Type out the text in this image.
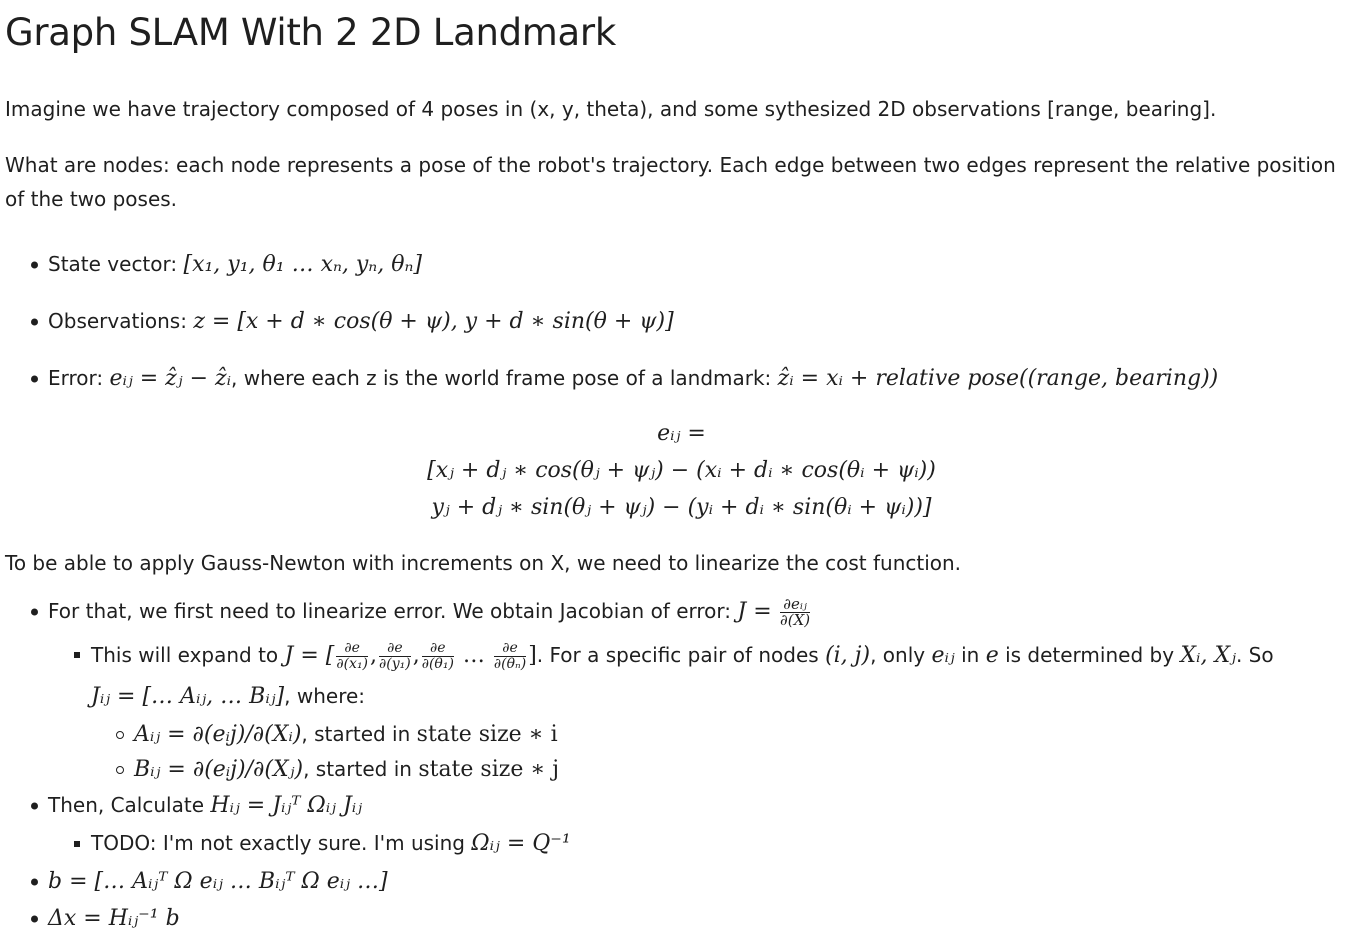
Graph SLAM With 2 2D Landmark

Imagine we have trajectory composed of 4 poses in (x, y, theta), and some sythesized 2D observations [range, bearing].

What are nodes: each node represents a pose of the robot's trajectory. Each edge between two edges represent the relative position of the two poses.

State vector: [x₁, y₁, θ₁ … xₙ, yₙ, θₙ]
Observations: z = [x + d ∗ cos(θ + ψ), y + d ∗ sin(θ + ψ)]
Error: eᵢⱼ = ẑⱼ − ẑᵢ, where each z is the world frame pose of a landmark: ẑᵢ = xᵢ + relative pose((range, bearing))
eᵢⱼ =
[xⱼ + dⱼ ∗ cos(θⱼ + ψⱼ) − (xᵢ + dᵢ ∗ cos(θᵢ + ψᵢ))
yⱼ + dⱼ ∗ sin(θⱼ + ψⱼ) − (yᵢ + dᵢ ∗ sin(θᵢ + ψᵢ))]

To be able to apply Gauss-Newton with increments on X, we need to linearize the cost function.

For that, we first need to linearize error. We obtain Jacobian of error: $J = \frac{\text{∂eᵢⱼ}}{\partial(X)}$
This will expand to J = [ $\frac{\partial e}{\text{∂(x₁)}}$ , $\frac{\partial e}{\text{∂(y₁)}}$ , $\frac{\partial e}{\text{∂(θ₁)}}$ … $\frac{\partial e}{\text{∂(θₙ)}}$ ]. For a specific pair of nodes (i, j), only eᵢⱼ in e is determined by Xᵢ, Xⱼ. So
Jᵢⱼ = [… Aᵢⱼ, … Bᵢⱼ], where:
Aᵢⱼ = ∂(eᵢj)/∂(Xᵢ), started in state size ∗ i
Bᵢⱼ = ∂(eᵢj)/∂(Xⱼ), started in state size ∗ j
Then, Calculate Hᵢⱼ = Jᵢⱼᵀ Ωᵢⱼ Jᵢⱼ
TODO: I'm not exactly sure. I'm using Ωᵢⱼ = Q⁻¹
b = [… Aᵢⱼᵀ Ω eᵢⱼ … Bᵢⱼᵀ Ω eᵢⱼ …]
Δx = Hᵢⱼ⁻¹ b
